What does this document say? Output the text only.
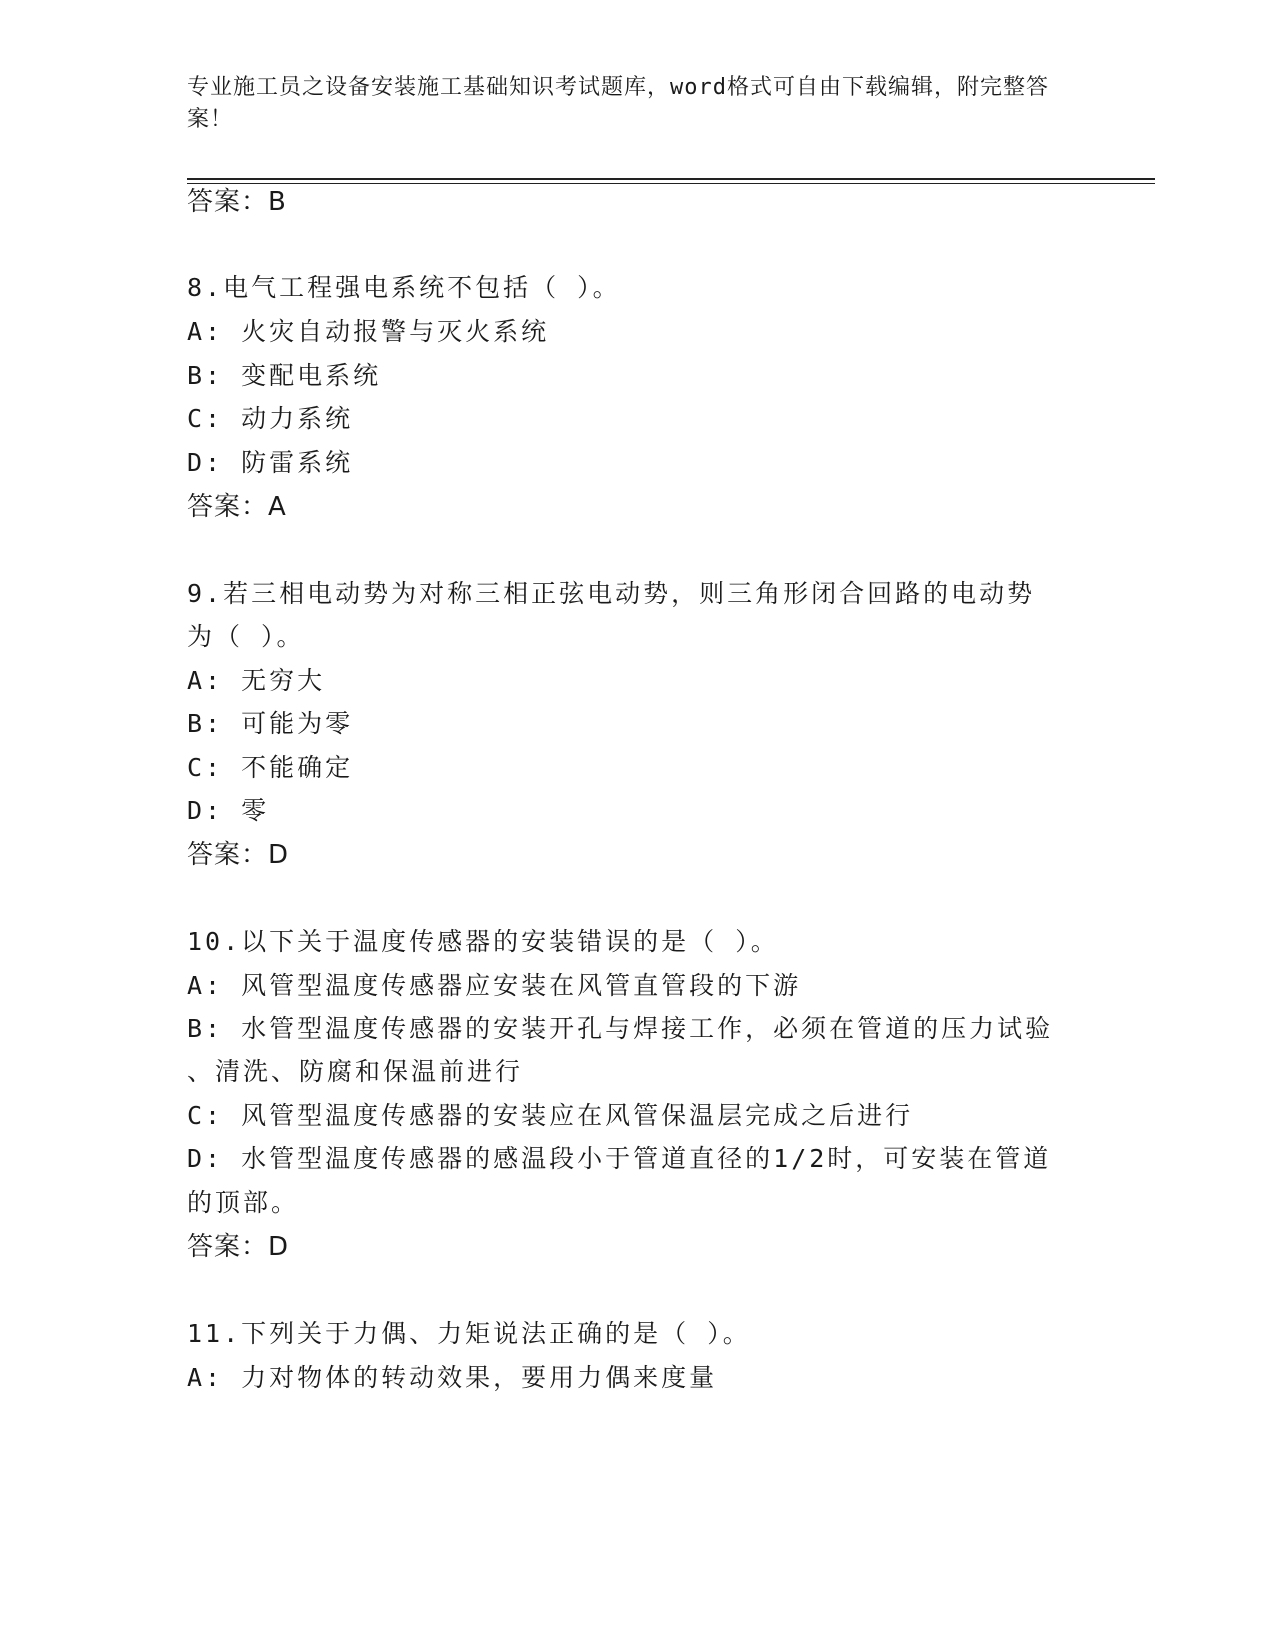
专业施工员之设备安装施工基础知识考试题库，word格式可自由下载编辑，附完整答案！
答案：B
8.电气工程强电系统不包括（ ）。
A: 火灾自动报警与灭火系统
B: 变配电系统
C: 动力系统
D: 防雷系统
答案：A
9.若三相电动势为对称三相正弦电动势，则三角形闭合回路的电动势
为（ ）。
A: 无穷大
B: 可能为零
C: 不能确定
D: 零
答案：D
10.以下关于温度传感器的安装错误的是（ ）。
A: 风管型温度传感器应安装在风管直管段的下游
B: 水管型温度传感器的安装开孔与焊接工作，必须在管道的压力试验
、清洗、防腐和保温前进行
C: 风管型温度传感器的安装应在风管保温层完成之后进行
D: 水管型温度传感器的感温段小于管道直径的1/2时，可安装在管道
的顶部。
答案：D
11.下列关于力偶、力矩说法正确的是（ ）。
A: 力对物体的转动效果，要用力偶来度量
